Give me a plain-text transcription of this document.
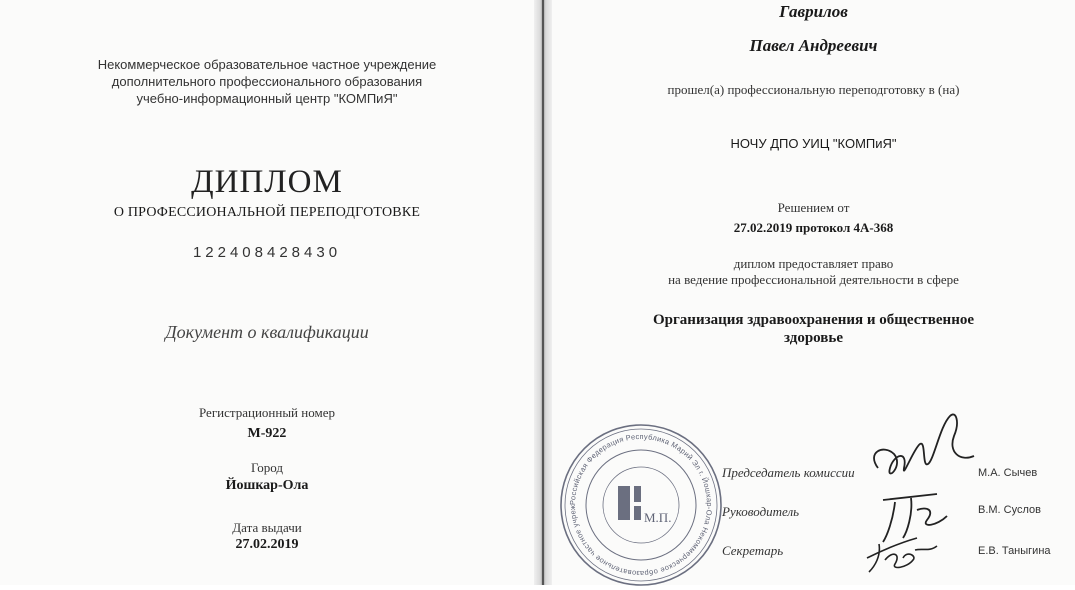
Некоммерческое образовательное частное учреждение

дополнительного профессионального образования

учебно-информационный центр "КОМПиЯ"

ДИПЛОМ

О ПРОФЕССИОНАЛЬНОЙ ПЕРЕПОДГОТОВКЕ

122408428430

Документ о квалификации

Регистрационный номер

М-922

Город

Йошкар-Ола

Дата выдачи

27.02.2019

Гаврилов

Павел Андреевич

прошел(а) профессиональную переподготовку в (на)

НОЧУ ДПО УИЦ "КОМПиЯ"

Решением от

27.02.2019 протокол 4А-368

диплом предоставляет право

на ведение профессиональной деятельности в сфере

Организация здравоохранения и общественное

здоровье

Российская Федерация Республика Марий Эл г. Йошкар-Ола Некоммерческое образовательное частное учреждение дополнительного профессионального образования
М.П.

Председатель комиссии	М.А. Сычев

Руководитель	В.М. Суслов

Секретарь	Е.В. Таныгина
